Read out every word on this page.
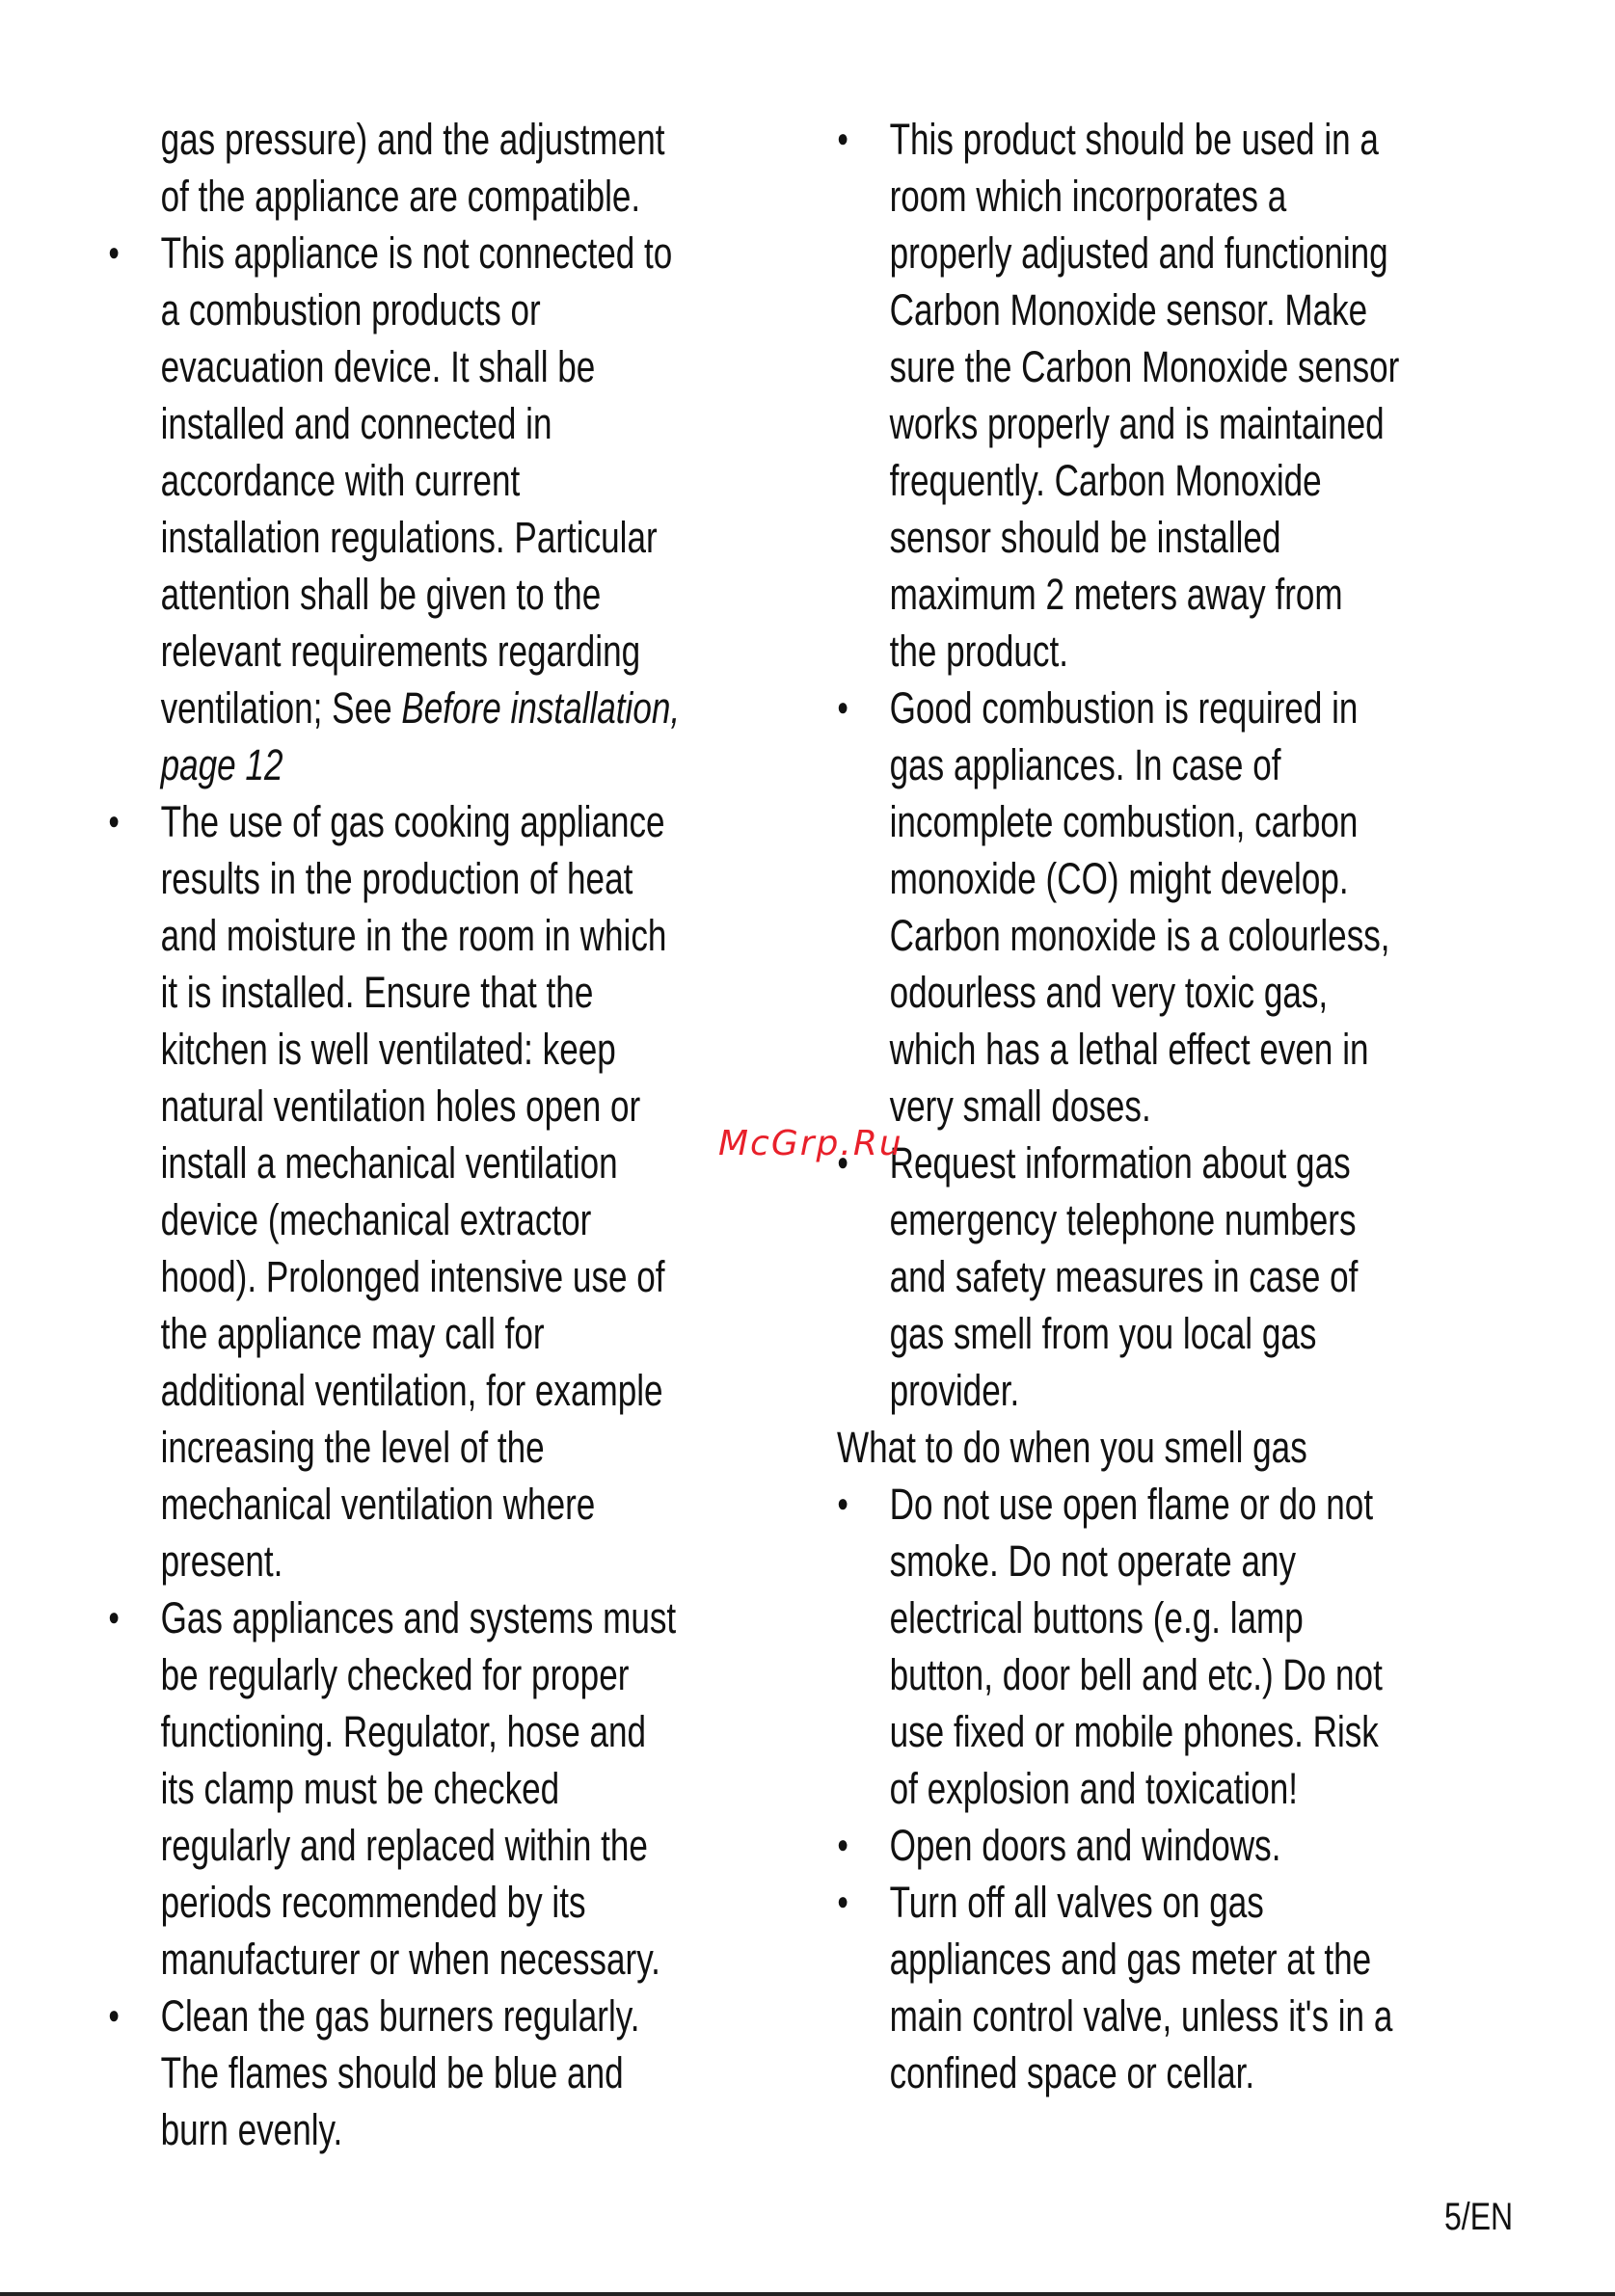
gas pressure) and the adjustment
of the appliance are compatible.
●
This appliance is not connected to
a combustion products or
evacuation device. It shall be
installed and connected in
accordance with current
installation regulations. Particular
attention shall be given to the
relevant requirements regarding
ventilation; See Before installation,
page 12
●
The use of gas cooking appliance
results in the production of heat
and moisture in the room in which
it is installed. Ensure that the
kitchen is well ventilated: keep
natural ventilation holes open or
install a mechanical ventilation
device (mechanical extractor
hood). Prolonged intensive use of
the appliance may call for
additional ventilation, for example
increasing the level of the
mechanical ventilation where
present.
●
Gas appliances and systems must
be regularly checked for proper
functioning. Regulator, hose and
its clamp must be checked
regularly and replaced within the
periods recommended by its
manufacturer or when necessary.
●
Clean the gas burners regularly.
The flames should be blue and
burn evenly.
●
This product should be used in a
room which incorporates a
properly adjusted and functioning
Carbon Monoxide sensor. Make
sure the Carbon Monoxide sensor
works properly and is maintained
frequently. Carbon Monoxide
sensor should be installed
maximum 2 meters away from
the product.
●
Good combustion is required in
gas appliances. In case of
incomplete combustion, carbon
monoxide (CO) might develop.
Carbon monoxide is a colourless,
odourless and very toxic gas,
which has a lethal effect even in
very small doses.
●
Request information about gas
emergency telephone numbers
and safety measures in case of
gas smell from you local gas
provider.
What to do when you smell gas
●
Do not use open flame or do not
smoke. Do not operate any
electrical buttons (e.g. lamp
button, door bell and etc.) Do not
use fixed or mobile phones. Risk
of explosion and toxication!
●
Open doors and windows.
●
Turn off all valves on gas
appliances and gas meter at the
main control valve, unless it's in a
confined space or cellar.
McGrp.Ru
5/EN
